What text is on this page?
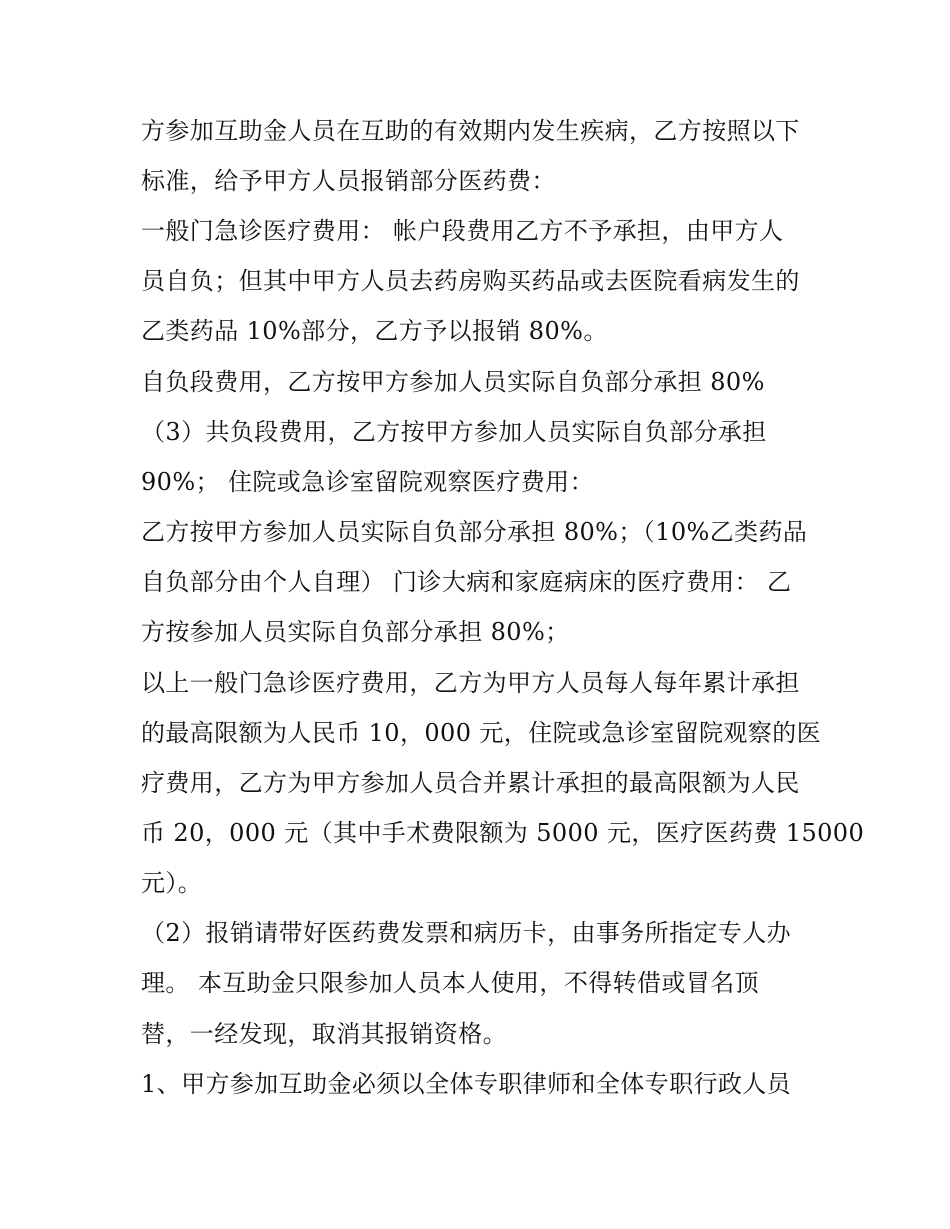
方参加互助金人员在互助的有效期内发生疾病，乙方按照以下
标准，给予甲方人员报销部分医药费：
一般门急诊医疗费用： 帐户段费用乙方不予承担，由甲方人
员自负；但其中甲方人员去药房购买药品或去医院看病发生的
乙类药品 10%部分，乙方予以报销 80%。
自负段费用，乙方按甲方参加人员实际自负部分承担 80%
（3）共负段费用，乙方按甲方参加人员实际自负部分承担
90%； 住院或急诊室留院观察医疗费用：
乙方按甲方参加人员实际自负部分承担 80%；（10%乙类药品
自负部分由个人自理） 门诊大病和家庭病床的医疗费用： 乙
方按参加人员实际自负部分承担 80%；
以上一般门急诊医疗费用，乙方为甲方人员每人每年累计承担
的最高限额为人民币 10，000 元，住院或急诊室留院观察的医
疗费用，乙方为甲方参加人员合并累计承担的最高限额为人民
币 20，000 元（其中手术费限额为 5000 元，医疗医药费 15000
元）。
（2）报销请带好医药费发票和病历卡，由事务所指定专人办
理。 本互助金只限参加人员本人使用，不得转借或冒名顶
替，一经发现，取消其报销资格。
1、甲方参加互助金必须以全体专职律师和全体专职行政人员
